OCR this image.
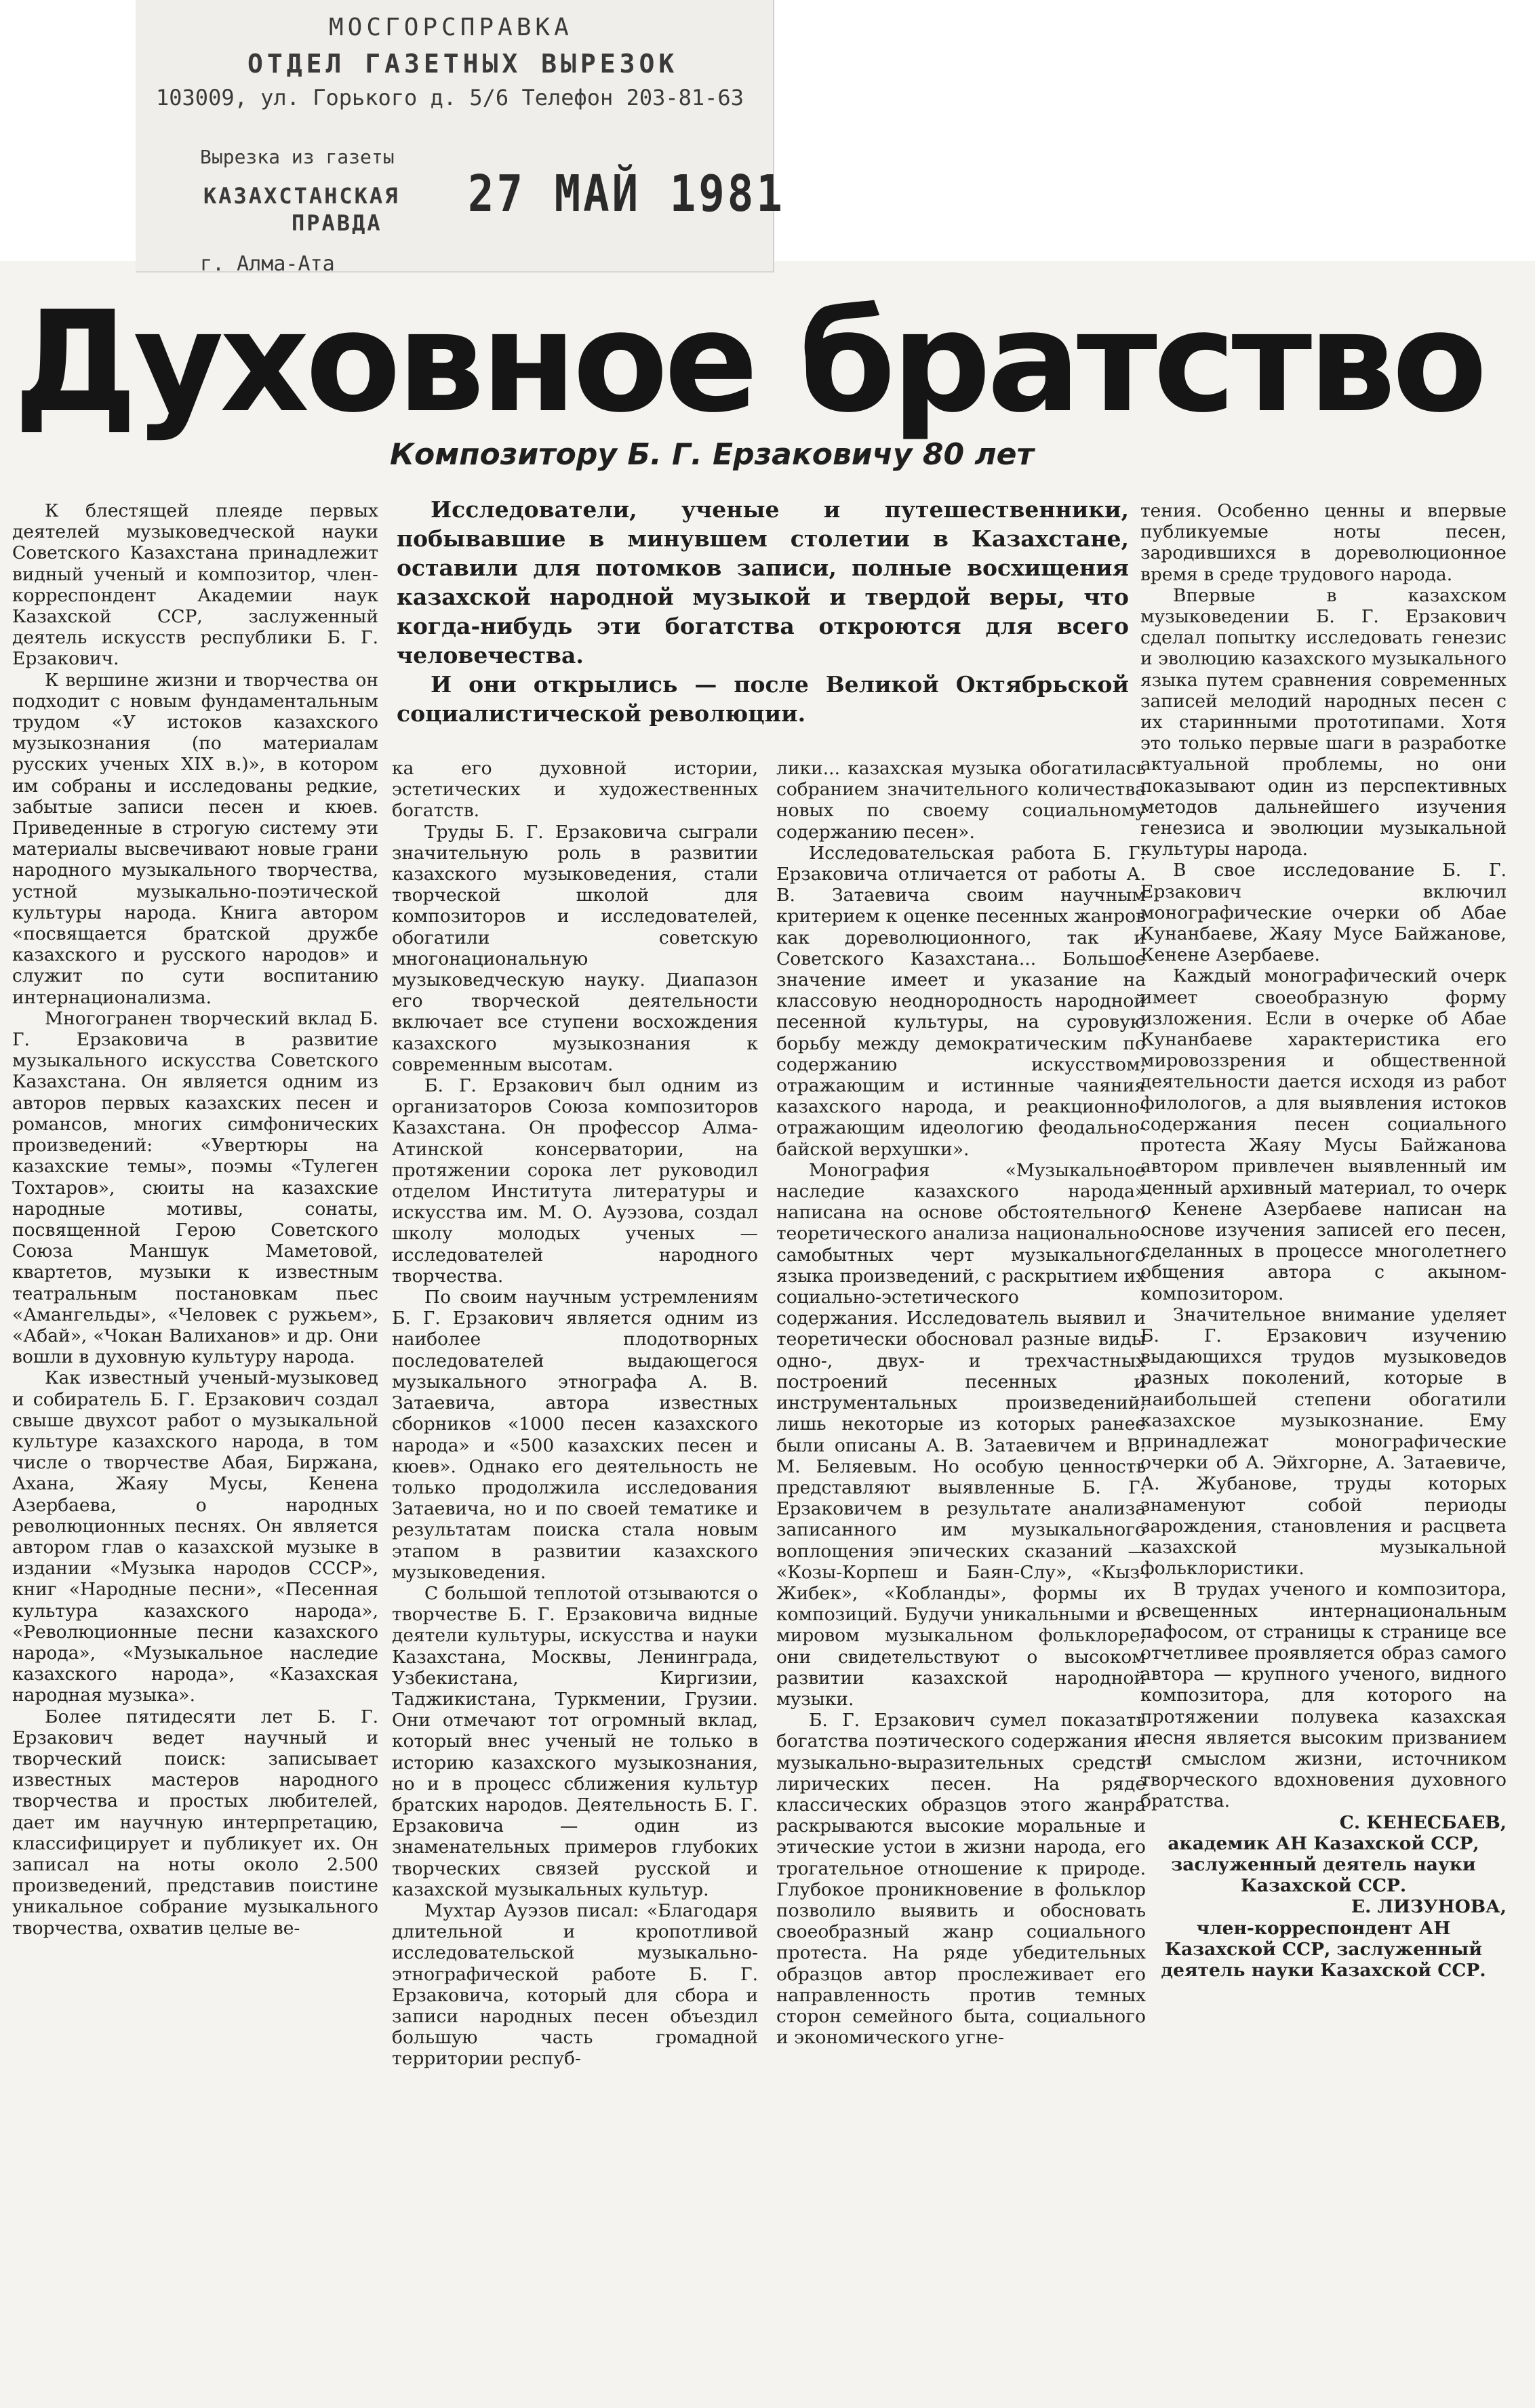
МОСГОРСПРАВКА
ОТДЕЛ ГАЗЕТНЫХ ВЫРЕЗОК
103009, ул. Горького д. 5/6 Телефон 203-81-63
Вырезка из газеты
КАЗАХСТАНСКАЯ
ПРАВДА
г. Алма-Ата
27 МАЙ 1981
Духовное братство
Композитору Б. Г. Ерзаковичу 80 лет

Исследователи, ученые и путешественники, побывавшие в минувшем столетии в Казахстане, оставили для потомков записи, полные восхищения казахской народной музыкой и твердой веры, что когда-нибудь эти богатства откроются для всего человечества.

И они открылись — после Великой Октябрьской социалистической революции.

К блестящей плеяде первых деятелей музыковедческой науки Советского Казахстана принадлежит видный ученый и композитор, член-корреспондент Академии наук Казахской ССР, заслуженный деятель искусств республики Б. Г. Ерзакович.

К вершине жизни и творчества он подходит с новым фундаментальным трудом «У истоков казахского музыкознания (по материалам русских ученых XIX в.)», в котором им собраны и исследованы редкие, забытые записи песен и кюев. Приведенные в строгую систему эти материалы высвечивают новые грани народного музыкального творчества, устной музыкально-поэтической культуры народа. Книга автором «посвящается братской дружбе казахского и русского народов» и служит по сути воспитанию интернационализма.

Многогранен творческий вклад Б. Г. Ерзаковича в развитие музыкального искусства Советского Казахстана. Он является одним из авторов первых казахских песен и романсов, многих симфонических произведений: «Увертюры на казахские темы», поэмы «Тулеген Тохтаров», сюиты на казахские народные мотивы, сонаты, посвященной Герою Советского Союза Маншук Маметовой, квартетов, музыки к известным театральным постановкам пьес «Амангельды», «Человек с ружьем», «Абай», «Чокан Валиханов» и др. Они вошли в духовную культуру народа.

Как известный ученый-музыковед и собиратель Б. Г. Ерзакович создал свыше двухсот работ о музыкальной культуре казахского народа, в том числе о творчестве Абая, Биржана, Ахана, Жаяу Мусы, Кенена Азербаева, о народных революционных песнях. Он является автором глав о казахской музыке в издании «Музыка народов СССР», книг «Народные песни», «Песенная культура казахского народа», «Революционные песни казахского народа», «Музыкальное наследие казахского народа», «Казахская народная музыка».

Более пятидесяти лет Б. Г. Ерзакович ведет научный и творческий поиск: записывает известных мастеров народного творчества и простых любителей, дает им научную интерпретацию, классифицирует и публикует их. Он записал на ноты около 2.500 произведений, представив поистине уникальное собрание музыкального творчества, охватив целые ве-

ка его духовной истории, эстетических и художественных богатств.

Труды Б. Г. Ерзаковича сыграли значительную роль в развитии казахского музыковедения, стали творческой школой для композиторов и исследователей, обогатили советскую многонациональную музыковедческую науку. Диапазон его творческой деятельности включает все ступени восхождения казахского музыкознания к современным высотам.

Б. Г. Ерзакович был одним из организаторов Союза композиторов Казахстана. Он профессор Алма-Атинской консерватории, на протяжении сорока лет руководил отделом Института литературы и искусства им. М. О. Ауэзова, создал школу молодых ученых — исследователей народного творчества.

По своим научным устремлениям Б. Г. Ерзакович является одним из наиболее плодотворных последователей выдающегося музыкального этнографа А. В. Затаевича, автора известных сборников «1000 песен казахского народа» и «500 казахских песен и кюев». Однако его деятельность не только продолжила исследования Затаевича, но и по своей тематике и результатам поиска стала новым этапом в развитии казахского музыковедения.

С большой теплотой отзываются о творчестве Б. Г. Ерзаковича видные деятели культуры, искусства и науки Казахстана, Москвы, Ленинграда, Узбекистана, Киргизии, Таджикистана, Туркмении, Грузии. Они отмечают тот огромный вклад, который внес ученый не только в историю казахского музыкознания, но и в процесс сближения культур братских народов. Деятельность Б. Г. Ерзаковича — один из знаменательных примеров глубоких творческих связей русской и казахской музыкальных культур.

Мухтар Ауэзов писал: «Благодаря длительной и кропотливой исследовательской музыкально-этнографической работе Б. Г. Ерзаковича, который для сбора и записи народных песен объездил большую часть громадной территории респуб-

лики... казахская музыка обогатилась собранием значительного количества новых по своему социальному содержанию песен».

Исследовательская работа Б. Г. Ерзаковича отличается от работы А. В. Затаевича своим научным критерием к оценке песенных жанров как дореволюционного, так и Советского Казахстана... Большое значение имеет и указание на классовую неоднородность народной песенной культуры, на суровую борьбу между демократическим по содержанию искусством, отражающим и истинные чаяния казахского народа, и реакционно-отражающим идеологию феодально-байской верхушки».

Монография «Музыкальное наследие казахского народа» написана на основе обстоятельного теоретического анализа национально-самобытных черт музыкального языка произведений, с раскрытием их социально-эстетического содержания. Исследователь выявил и теоретически обосновал разные виды одно-, двух- и трехчастных построений песенных и инструментальных произведений, лишь некоторые из которых ранее были описаны А. В. Затаевичем и В. М. Беляевым. Но особую ценность представляют выявленные Б. Г. Ерзаковичем в результате анализа записанного им музыкального воплощения эпических сказаний — «Козы-Корпеш и Баян-Слу», «Кыз-Жибек», «Кобланды», формы их композиций. Будучи уникальными и в мировом музыкальном фольклоре, они свидетельствуют о высоком развитии казахской народной музыки.

Б. Г. Ерзакович сумел показать богатства поэтического содержания и музыкально-выразительных средств лирических песен. На ряде классических образцов этого жанра раскрываются высокие моральные и этические устои в жизни народа, его трогательное отношение к природе. Глубокое проникновение в фольклор позволило выявить и обосновать своеобразный жанр социального протеста. На ряде убедительных образцов автор прослеживает его направленность против темных сторон семейного быта, социального и экономического угне-

тения. Особенно ценны и впервые публикуемые ноты песен, зародившихся в дореволюционное время в среде трудового народа.

Впервые в казахском музыковедении Б. Г. Ерзакович сделал попытку исследовать генезис и эволюцию казахского музыкального языка путем сравнения современных записей мелодий народных песен с их старинными прототипами. Хотя это только первые шаги в разработке актуальной проблемы, но они показывают один из перспективных методов дальнейшего изучения генезиса и эволюции музыкальной культуры народа.

В свое исследование Б. Г. Ерзакович включил монографические очерки об Абае Кунанбаеве, Жаяу Мусе Байжанове, Кенене Азербаеве.

Каждый монографический очерк имеет своеобразную форму изложения. Если в очерке об Абае Кунанбаеве характеристика его мировоззрения и общественной деятельности дается исходя из работ филологов, а для выявления истоков содержания песен социального протеста Жаяу Мусы Байжанова автором привлечен выявленный им ценный архивный материал, то очерк о Кенене Азербаеве написан на основе изучения записей его песен, сделанных в процессе многолетнего общения автора с акыном-композитором.

Значительное внимание уделяет Б. Г. Ерзакович изучению выдающихся трудов музыковедов разных поколений, которые в наибольшей степени обогатили казахское музыкознание. Ему принадлежат монографические очерки об А. Эйхгорне, А. Затаевиче, А. Жубанове, труды которых знаменуют собой периоды зарождения, становления и расцвета казахской музыкальной фольклористики.

В трудах ученого и композитора, освещенных интернациональным пафосом, от страницы к странице все отчетливее проявляется образ самого автора — крупного ученого, видного композитора, для которого на протяжении полувека казахская песня является высоким призванием и смыслом жизни, источником творческого вдохновения духовного братства.

С. КЕНЕСБАЕВ,

академик АН Казахской ССР, заслуженный деятель науки Казахской ССР.

Е. ЛИЗУНОВА,

член-корреспондент АН Казахской ССР, заслуженный деятель науки Казахской ССР.
